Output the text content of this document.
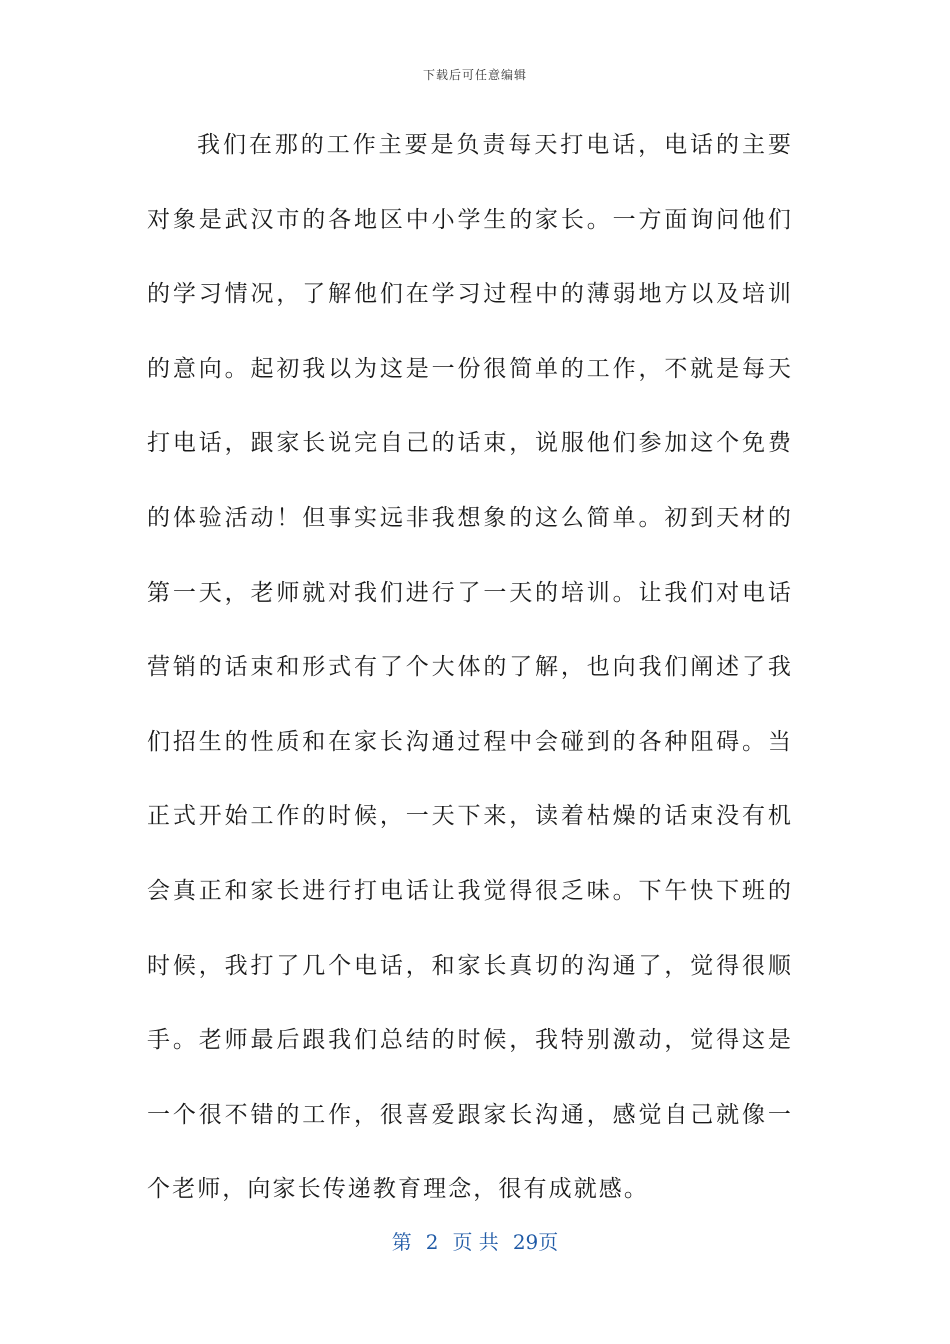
下载后可任意编辑

我们在那的工作主要是负责每天打电话，电话的主要对象是武汉市的各地区中小学生的家长。一方面询问他们的学习情况，了解他们在学习过程中的薄弱地方以及培训的意向。起初我以为这是一份很简单的工作，不就是每天打电话，跟家长说完自己的话束，说服他们参加这个免费的体验活动！但事实远非我想象的这么简单。初到天材的第一天，老师就对我们进行了一天的培训。让我们对电话营销的话束和形式有了个大体的了解，也向我们阐述了我们招生的性质和在家长沟通过程中会碰到的各种阻碍。当正式开始工作的时候，一天下来，读着枯燥的话束没有机会真正和家长进行打电话让我觉得很乏味。下午快下班的时候，我打了几个电话，和家长真切的沟通了，觉得很顺手。老师最后跟我们总结的时候，我特别激动，觉得这是一个很不错的工作，很喜爱跟家长沟通，感觉自己就像一个老师，向家长传递教育理念，很有成就感。

第 2 页 共 29页
